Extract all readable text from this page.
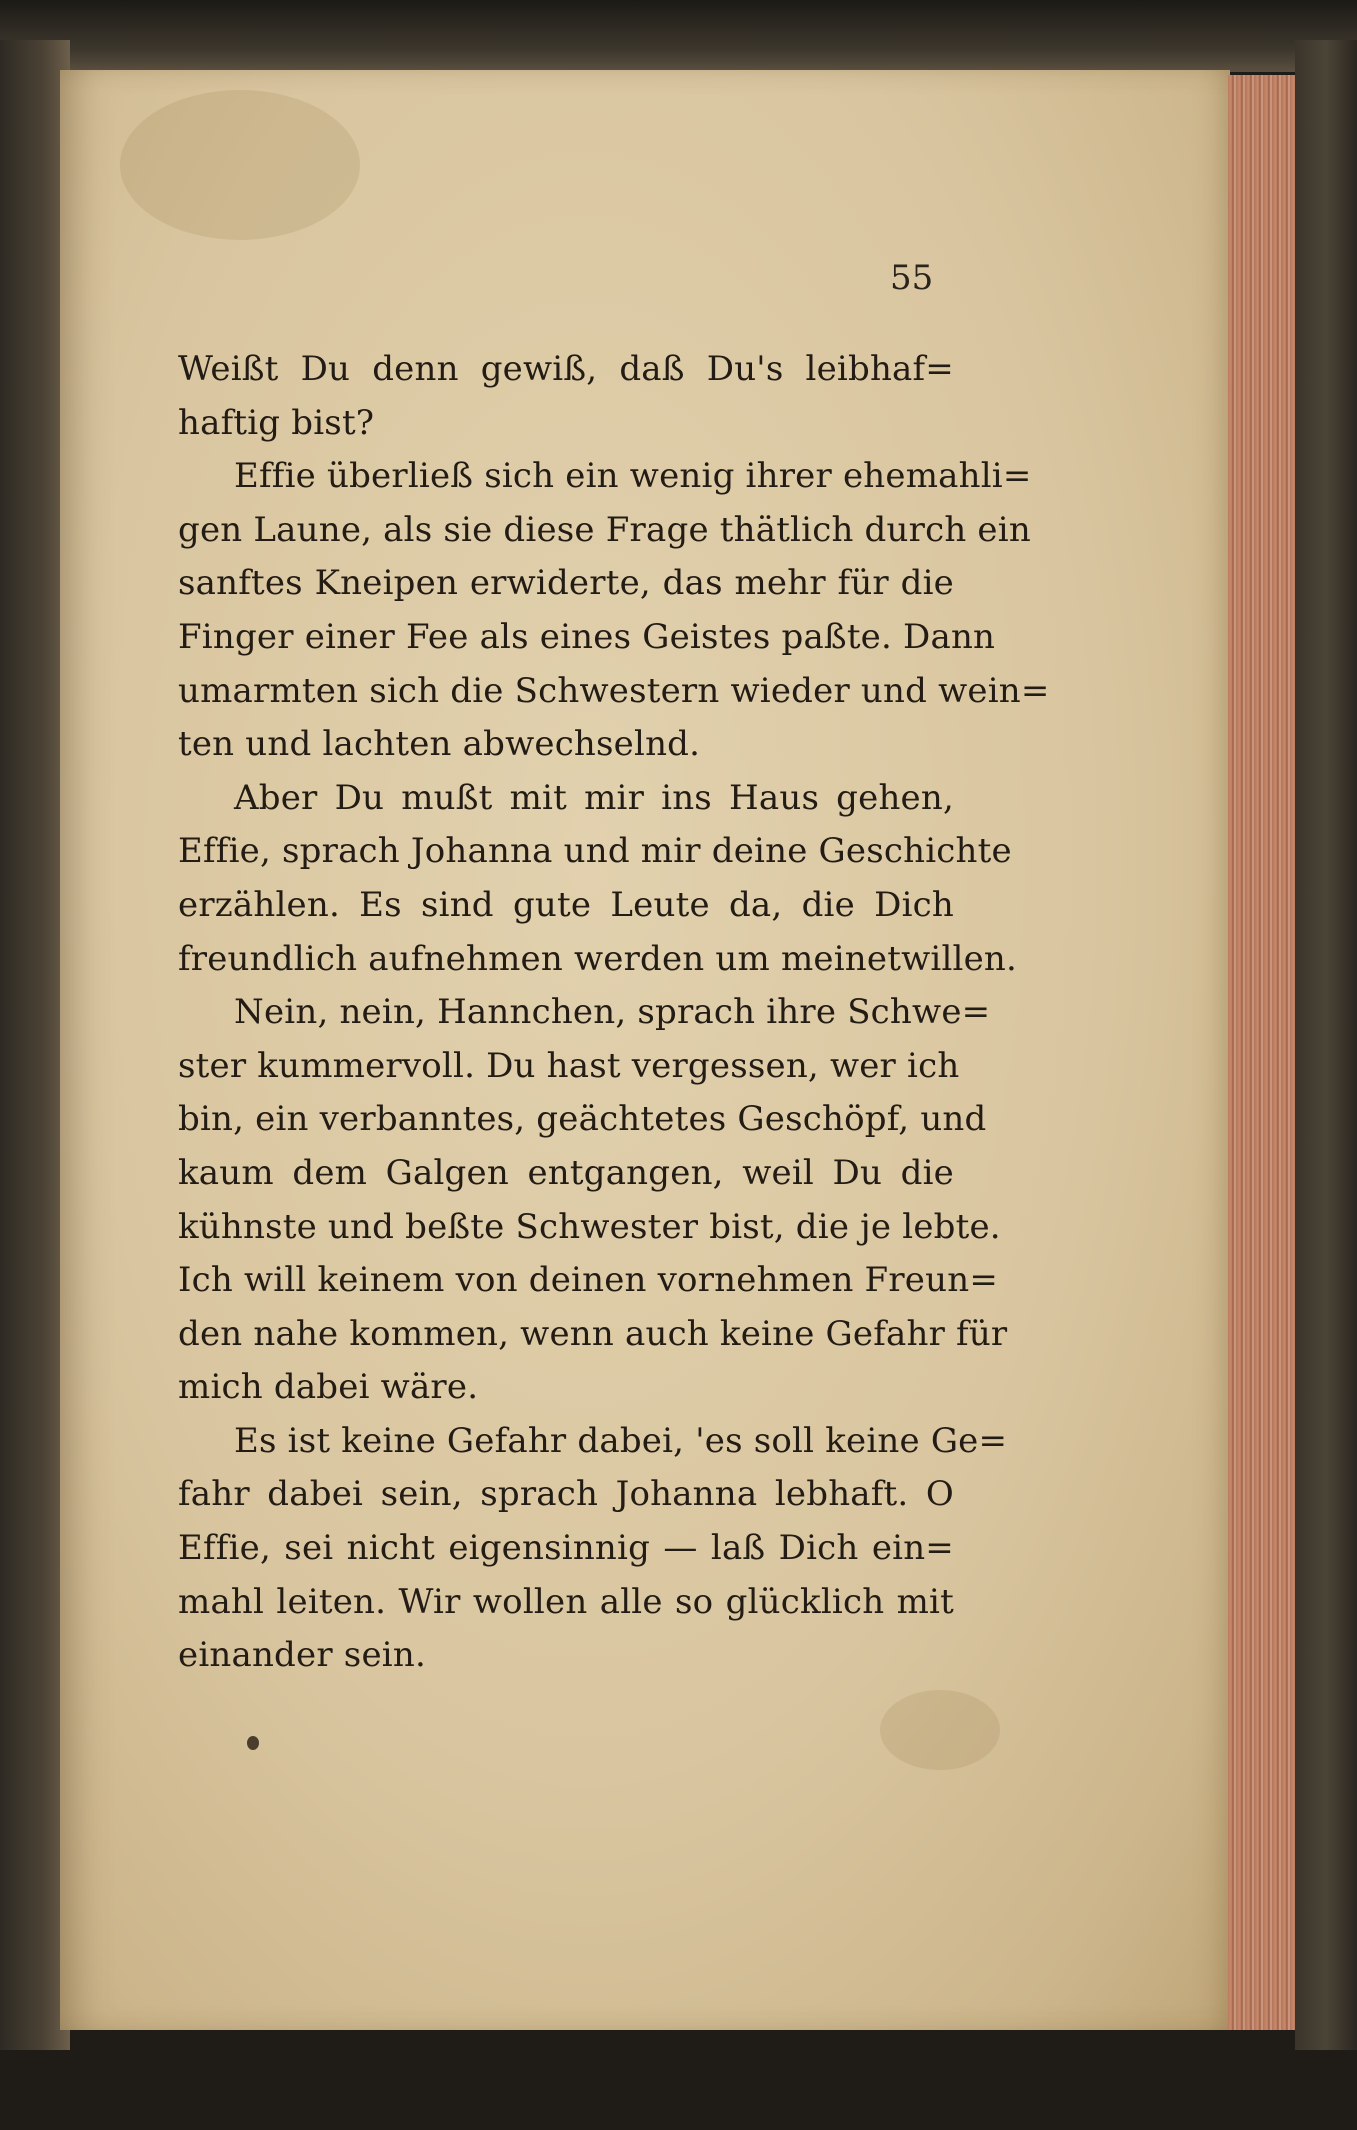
55
Weißt Du denn gewiß, daß Du's leibhaf=
haftig bist?
Effie überließ sich ein wenig ihrer ehemahli=
gen Laune, als sie diese Frage thätlich durch ein
sanftes Kneipen erwiderte, das mehr für die
Finger einer Fee als eines Geistes paßte. Dann
umarmten sich die Schwestern wieder und wein=
ten und lachten abwechselnd.
Aber Du mußt mit mir ins Haus gehen,
Effie, sprach Johanna und mir deine Geschichte
erzählen. Es sind gute Leute da, die Dich
freundlich aufnehmen werden um meinetwillen.
Nein, nein, Hannchen, sprach ihre Schwe=
ster kummervoll. Du hast vergessen, wer ich
bin, ein verbanntes, geächtetes Geschöpf, und
kaum dem Galgen entgangen, weil Du die
kühnste und beßte Schwester bist, die je lebte.
Ich will keinem von deinen vornehmen Freun=
den nahe kommen, wenn auch keine Gefahr für
mich dabei wäre.
Es ist keine Gefahr dabei, 'es soll keine Ge=
fahr dabei sein, sprach Johanna lebhaft. O
Effie, sei nicht eigensinnig — laß Dich ein=
mahl leiten. Wir wollen alle so glücklich mit
einander sein.
